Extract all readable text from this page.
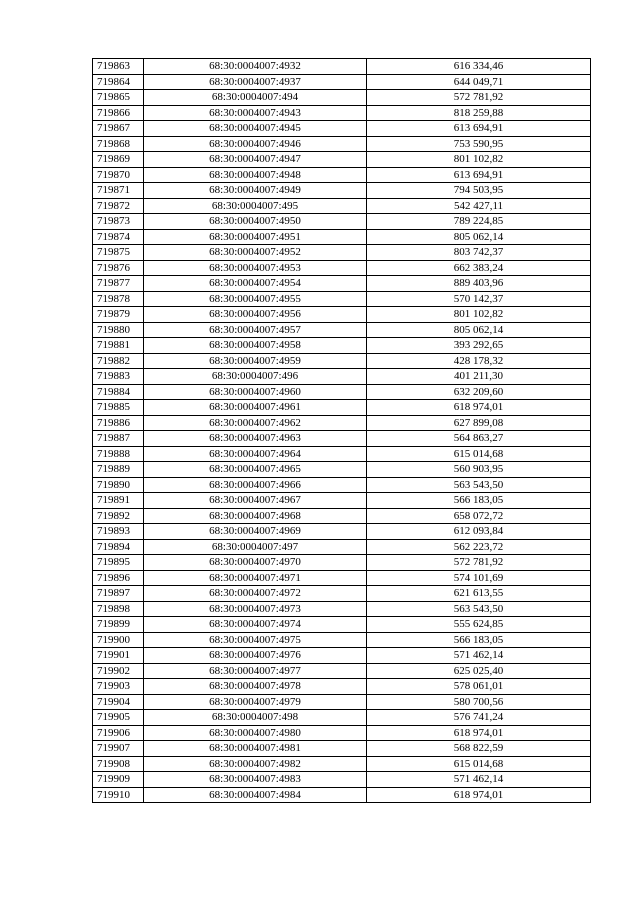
719863	68:30:0004007:4932	616 334,46
719864	68:30:0004007:4937	644 049,71
719865	68:30:0004007:494	572 781,92
719866	68:30:0004007:4943	818 259,88
719867	68:30:0004007:4945	613 694,91
719868	68:30:0004007:4946	753 590,95
719869	68:30:0004007:4947	801 102,82
719870	68:30:0004007:4948	613 694,91
719871	68:30:0004007:4949	794 503,95
719872	68:30:0004007:495	542 427,11
719873	68:30:0004007:4950	789 224,85
719874	68:30:0004007:4951	805 062,14
719875	68:30:0004007:4952	803 742,37
719876	68:30:0004007:4953	662 383,24
719877	68:30:0004007:4954	889 403,96
719878	68:30:0004007:4955	570 142,37
719879	68:30:0004007:4956	801 102,82
719880	68:30:0004007:4957	805 062,14
719881	68:30:0004007:4958	393 292,65
719882	68:30:0004007:4959	428 178,32
719883	68:30:0004007:496	401 211,30
719884	68:30:0004007:4960	632 209,60
719885	68:30:0004007:4961	618 974,01
719886	68:30:0004007:4962	627 899,08
719887	68:30:0004007:4963	564 863,27
719888	68:30:0004007:4964	615 014,68
719889	68:30:0004007:4965	560 903,95
719890	68:30:0004007:4966	563 543,50
719891	68:30:0004007:4967	566 183,05
719892	68:30:0004007:4968	658 072,72
719893	68:30:0004007:4969	612 093,84
719894	68:30:0004007:497	562 223,72
719895	68:30:0004007:4970	572 781,92
719896	68:30:0004007:4971	574 101,69
719897	68:30:0004007:4972	621 613,55
719898	68:30:0004007:4973	563 543,50
719899	68:30:0004007:4974	555 624,85
719900	68:30:0004007:4975	566 183,05
719901	68:30:0004007:4976	571 462,14
719902	68:30:0004007:4977	625 025,40
719903	68:30:0004007:4978	578 061,01
719904	68:30:0004007:4979	580 700,56
719905	68:30:0004007:498	576 741,24
719906	68:30:0004007:4980	618 974,01
719907	68:30:0004007:4981	568 822,59
719908	68:30:0004007:4982	615 014,68
719909	68:30:0004007:4983	571 462,14
719910	68:30:0004007:4984	618 974,01
